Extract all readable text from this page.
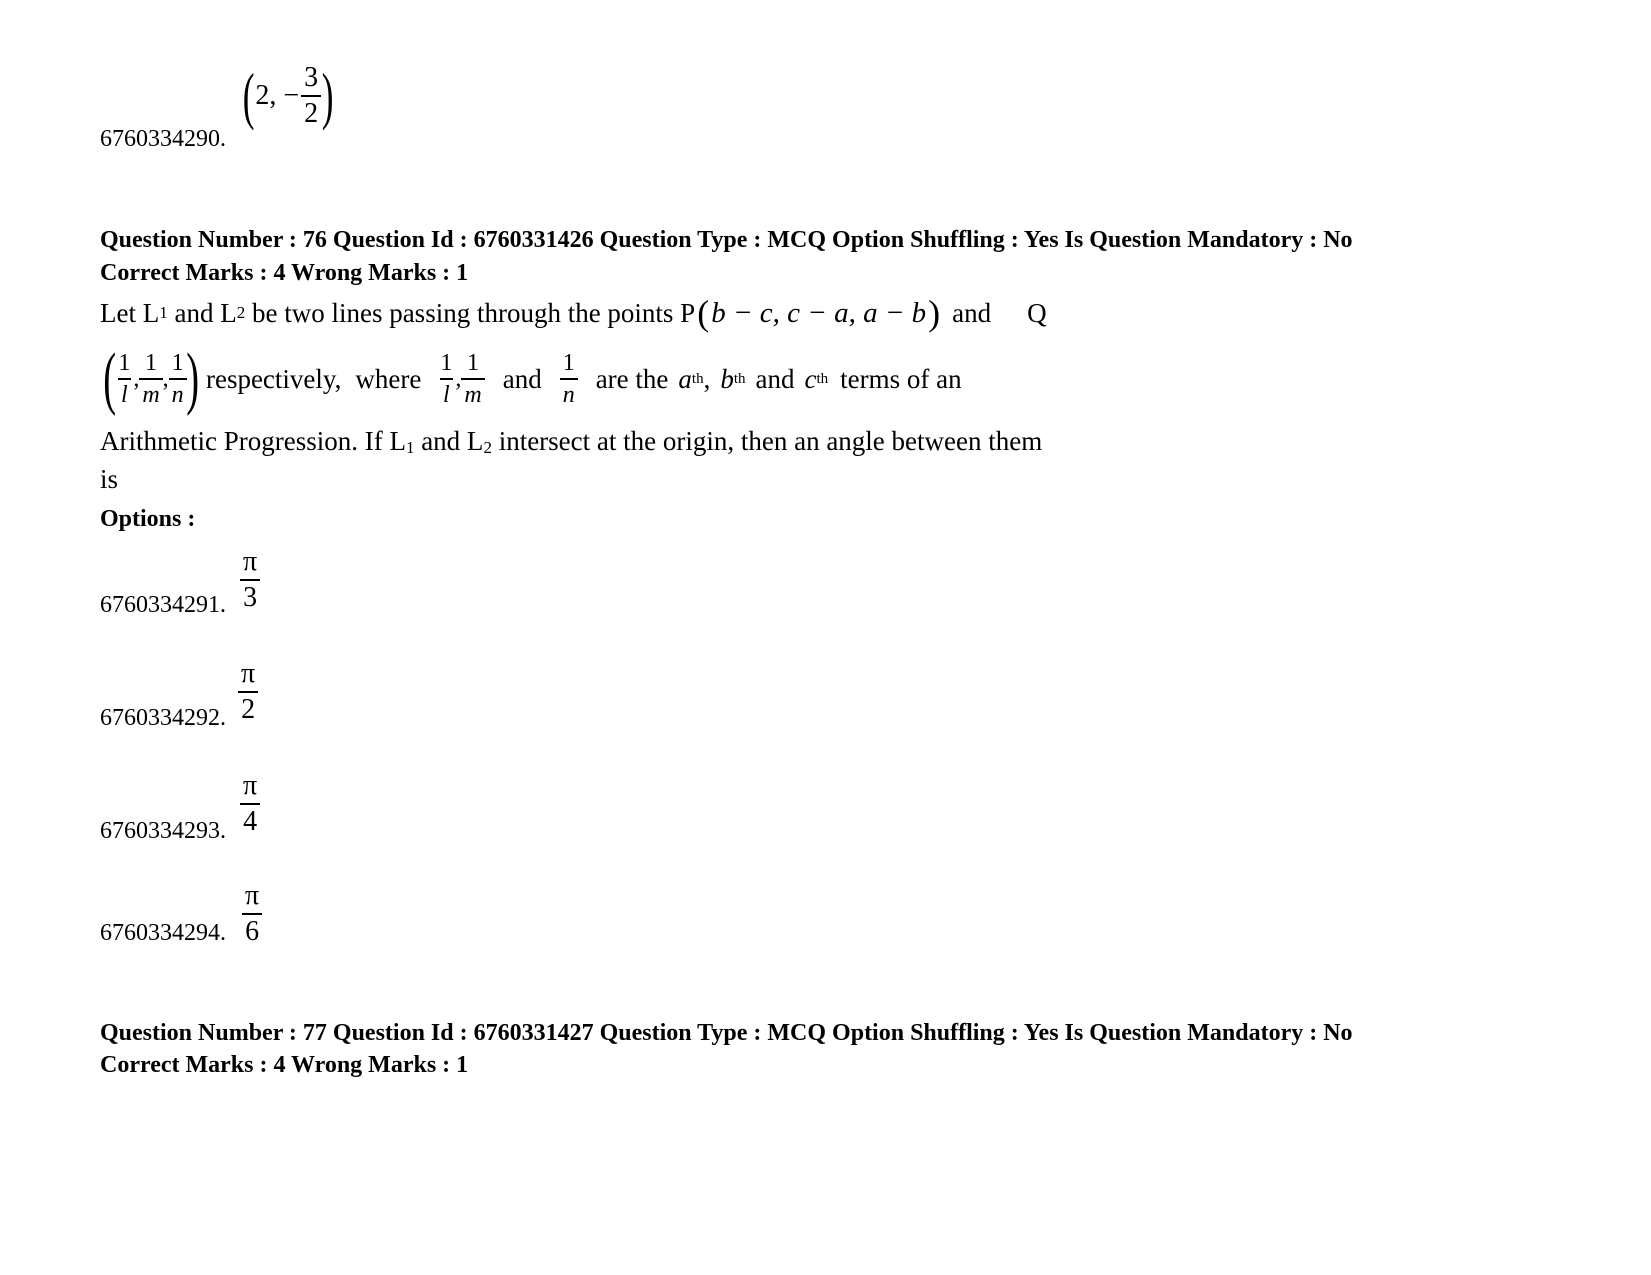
6760334290.
( 2, − $\frac{3}{2}$ )
Question Number : 76 Question Id : 6760331426 Question Type : MCQ Option Shuffling : Yes Is Question Mandatory : No
Correct Marks : 4 Wrong Marks : 1
Let L 1 and L 2 be two lines passing through the points P ( b − c, c − a, a − b ) and Q
( $\frac{1}{l}$ , $\frac{1}{m}$ , $\frac{1}{n}$ ) respectively, where $\frac{1}{l}$ , $\frac{1}{m}$ and $\frac{1}{n}$ are the a th , b th and c th terms of an
Arithmetic Progression. If L1 and L2 intersect at the origin, then an angle between them
is
Options :
6760334291. $\frac{\pi}{3}$
6760334292. $\frac{\pi}{2}$
6760334293. $\frac{\pi}{4}$
6760334294. $\frac{\pi}{6}$
Question Number : 77 Question Id : 6760331427 Question Type : MCQ Option Shuffling : Yes Is Question Mandatory : No
Correct Marks : 4 Wrong Marks : 1
